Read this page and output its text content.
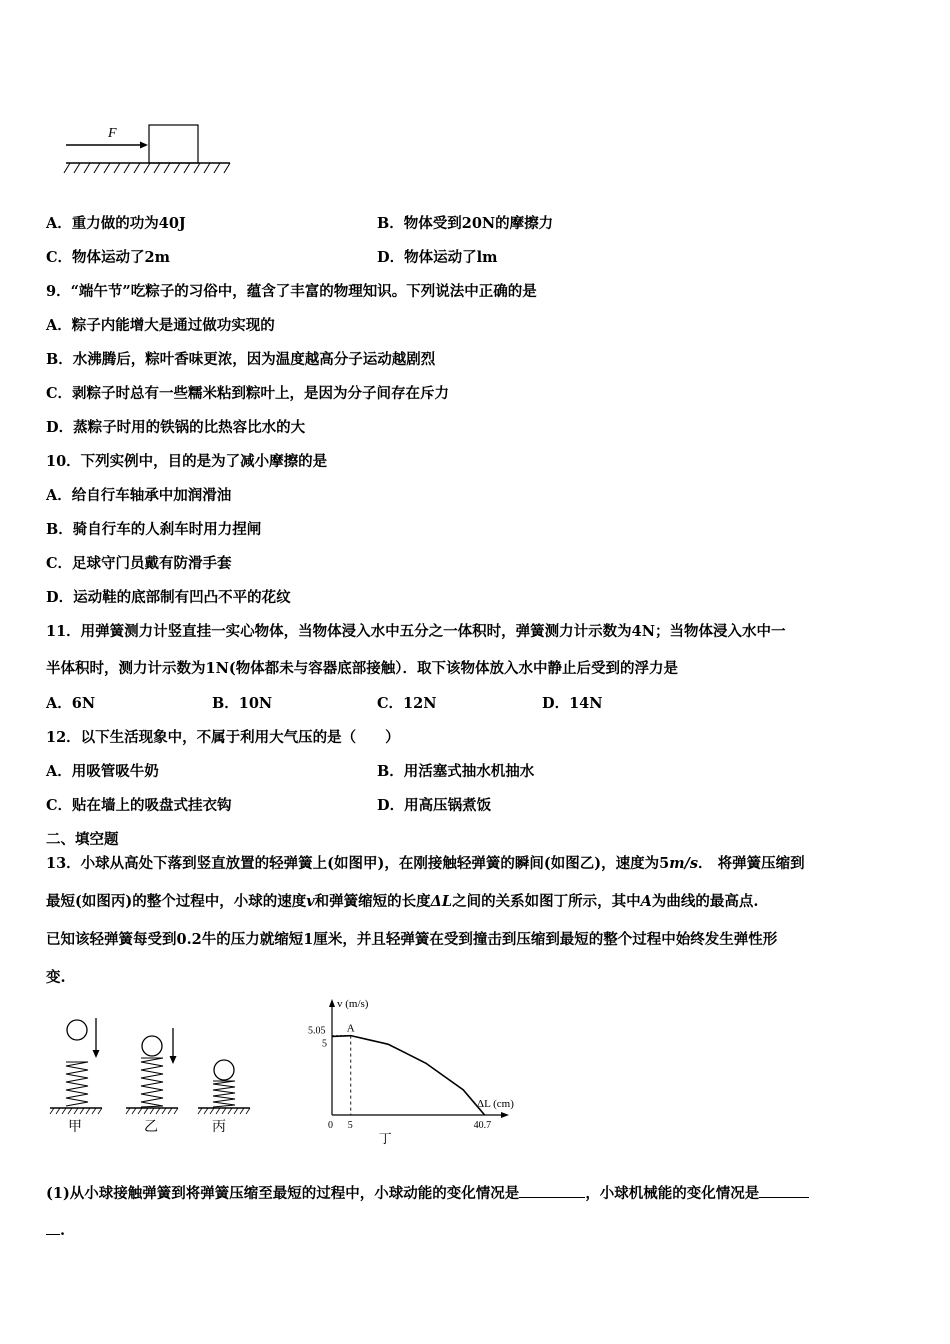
F
A．重力做的功为40J	B．物体受到20N的摩擦力
C．物体运动了2m	D．物体运动了lm
9．“端午节”吃粽子的习俗中，蕴含了丰富的物理知识。下列说法中正确的是
A．粽子内能增大是通过做功实现的
B．水沸腾后，粽叶香味更浓，因为温度越高分子运动越剧烈
C．剥粽子时总有一些糯米粘到粽叶上，是因为分子间存在斥力
D．蒸粽子时用的铁锅的比热容比水的大
10．下列实例中，目的是为了减小摩擦的是
A．给自行车轴承中加润滑油
B．骑自行车的人刹车时用力捏闸
C．足球守门员戴有防滑手套
D．运动鞋的底部制有凹凸不平的花纹
11．用弹簧测力计竖直挂一实心物体，当物体浸入水中五分之一体积时，弹簧测力计示数为4N；当物体浸入水中一
半体积时，测力计示数为1N(物体都未与容器底部接触）．取下该物体放入水中静止后受到的浮力是
A．6N	B．10N	C．12N	D．14N
12．以下生活现象中，不属于利用大气压的是（　　）
A．用吸管吸牛奶	B．用活塞式抽水机抽水
C．贴在墙上的吸盘式挂衣钩	D．用高压锅煮饭
二、填空题
13．小球从高处下落到竖直放置的轻弹簧上(如图甲)，在刚接触轻弹簧的瞬间(如图乙)，速度为5m/s． 将弹簧压缩到
最短(如图丙)的整个过程中，小球的速度v和弹簧缩短的长度ΔL之间的关系如图丁所示，其中A为曲线的最高点.
已知该轻弹簧每受到0.2牛的压力就缩短1厘米，并且轻弹簧在受到撞击到压缩到最短的整个过程中始终发生弹性形
变.
甲	乙	丙
v (m/s)
ΔL (cm)
A
0 5	40.7
5.05
5
丁
(1)从小球接触弹簧到将弹簧压缩至最短的过程中，小球动能的变化情况是	，小球机械能的变化情况是
.
